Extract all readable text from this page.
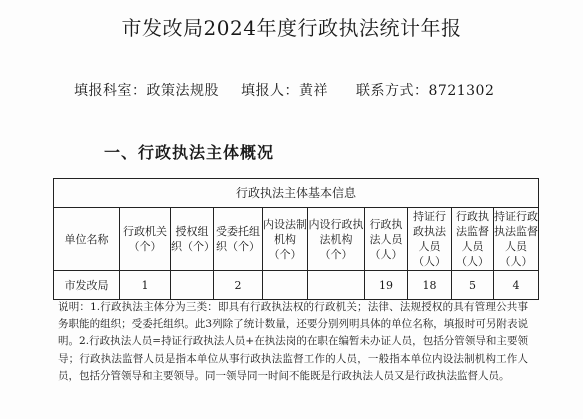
市发改局2024年度行政执法统计年报
填报科室：政策法规股 填报人：黄祥 联系方式：8721302
一、行政执法主体概况
行政执法主体基本信息									
单位名称	行政机关（个）	授权组织（个）	受委托组织（个）	内设法制机构（个）	内设行政执法机构（个）	行政执法人员（人）	持证行政执法人员（人）	行政执法监督人员（人）	持证行政执法监督人员（人）
市发改局	1		2			19	18	5	4
说明：1.行政执法主体分为三类：即具有行政执法权的行政机关；法律、法规授权的具有管理公共事务职能的组织；受委托组织。此3列除了统计数量，还要分别列明具体的单位名称，填报时可另附表说明。2.行政执法人员=持证行政执法人员+在执法岗的在职在编暂未办证人员，包括分管领导和主要领导；行政执法监督人员是指本单位从事行政执法监督工作的人员，一般指本单位内设法制机构工作人员，包括分管领导和主要领导。同一领导同一时间不能既是行政执法人员又是行政执法监督人员。
